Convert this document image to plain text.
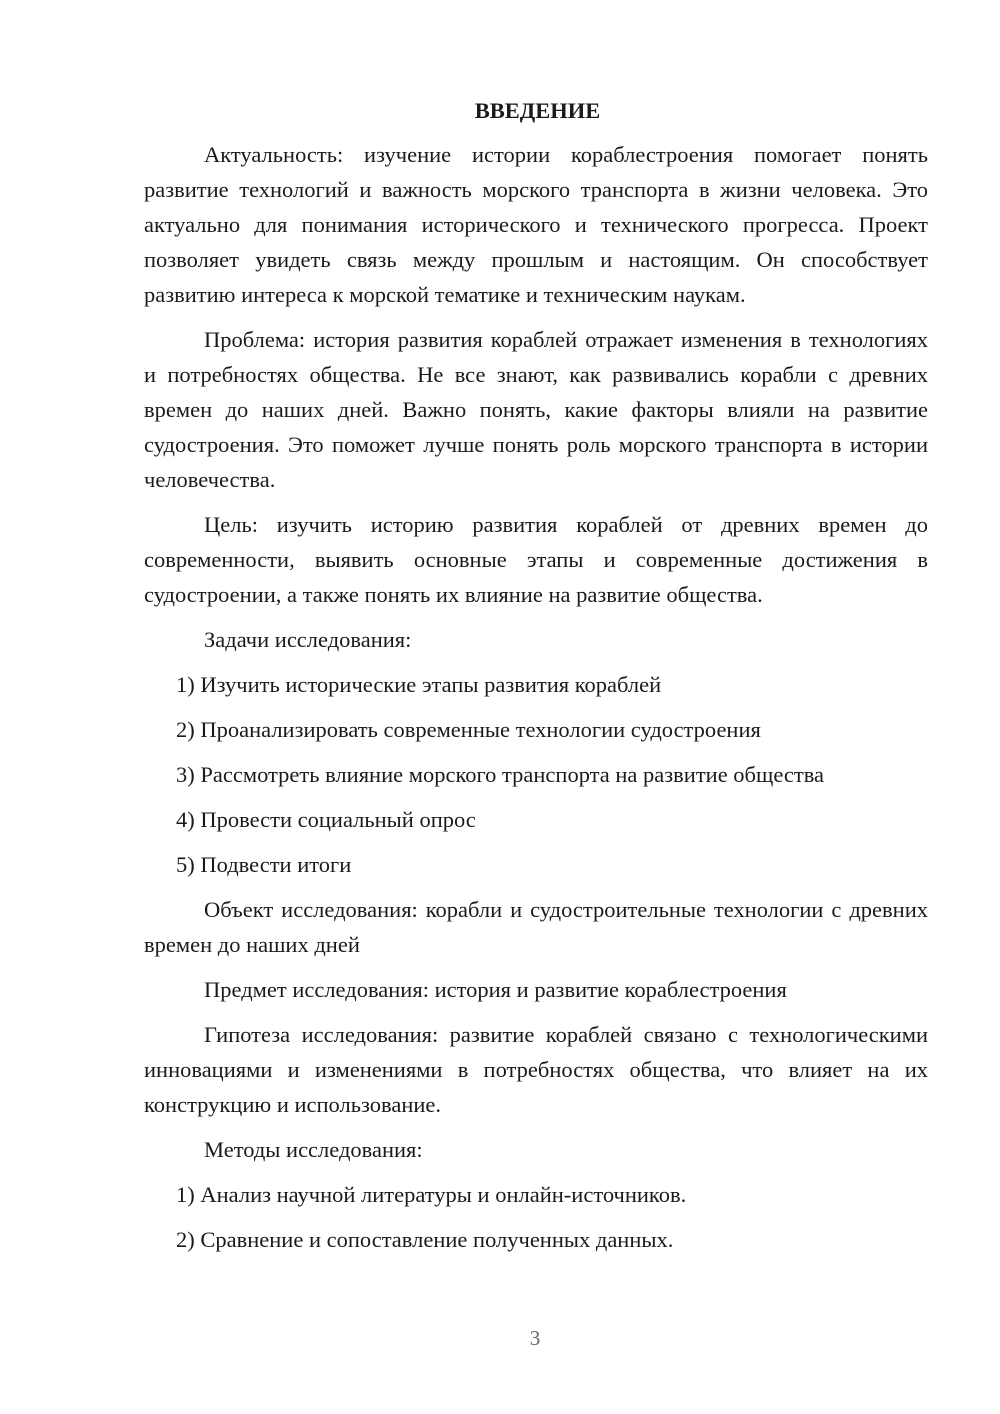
ВВЕДЕНИЕ

Актуальность: изучение истории кораблестроения помогает понять развитие технологий и важность морского транспорта в жизни человека. Это актуально для понимания исторического и технического прогресса. Проект позволяет увидеть связь между прошлым и настоящим. Он способствует развитию интереса к морской тематике и техническим наукам.

Проблема: история развития кораблей отражает изменения в технологиях и потребностях общества. Не все знают, как развивались корабли с древних времен до наших дней. Важно понять, какие факторы влияли на развитие судостроения. Это поможет лучше понять роль морского транспорта в истории человечества.

Цель: изучить историю развития кораблей от древних времен до современности, выявить основные этапы и современные достижения в судостроении, а также понять их влияние на развитие общества.

Задачи исследования:

1) Изучить исторические этапы развития кораблей

2) Проанализировать современные технологии судостроения

3) Рассмотреть влияние морского транспорта на развитие общества

4) Провести социальный опрос

5) Подвести итоги

Объект исследования: корабли и судостроительные технологии с древних времен до наших дней

Предмет исследования: история и развитие кораблестроения

Гипотеза исследования: развитие кораблей связано с технологическими инновациями и изменениями в потребностях общества, что влияет на их конструкцию и использование.

Методы исследования:

1) Анализ научной литературы и онлайн-источников.

2) Сравнение и сопоставление полученных данных.

3
